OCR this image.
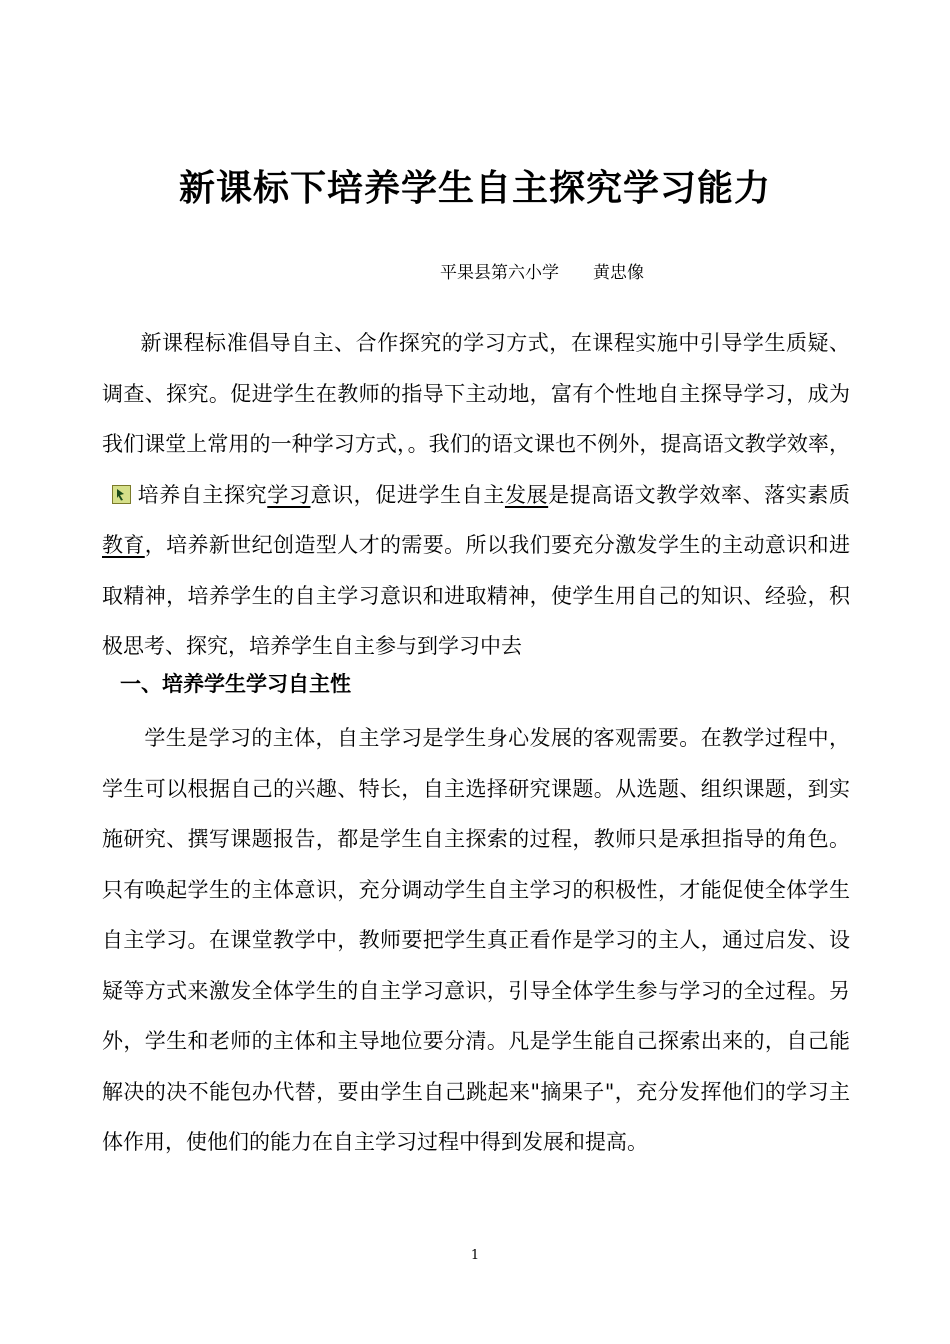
新课标下培养学生自主探究学习能力
平果县第六小学 黄忠像
新课程标准倡导自主、合作探究的学习方式，在课程实施中引导学生质疑、调查、探究。促进学生在教师的指导下主动地，富有个性地自主探导学习，成为我们课堂上常用的一种学习方式，。我们的语文课也不例外，提高语文教学效率，
培养自主探究学习意识，促进学生自主发展是提高语文教学效率、落实素质教育，培养新世纪创造型人才的需要。所以我们要充分激发学生的主动意识和进取精神，培养学生的自主学习意识和进取精神，使学生用自己的知识、经验，积极思考、探究，培养学生自主参与到学习中去
一、培养学生学习自主性
学生是学习的主体，自主学习是学生身心发展的客观需要。在教学过程中，学生可以根据自己的兴趣、特长，自主选择研究课题。从选题、组织课题，到实施研究、撰写课题报告，都是学生自主探索的过程，教师只是承担指导的角色。只有唤起学生的主体意识，充分调动学生自主学习的积极性，才能促使全体学生自主学习。在课堂教学中，教师要把学生真正看作是学习的主人，通过启发、设疑等方式来激发全体学生的自主学习意识，引导全体学生参与学习的全过程。另外，学生和老师的主体和主导地位要分清。凡是学生能自己探索出来的，自己能解决的决不能包办代替，要由学生自己跳起来"摘果子"，充分发挥他们的学习主体作用，使他们的能力在自主学习过程中得到发展和提高。
1
